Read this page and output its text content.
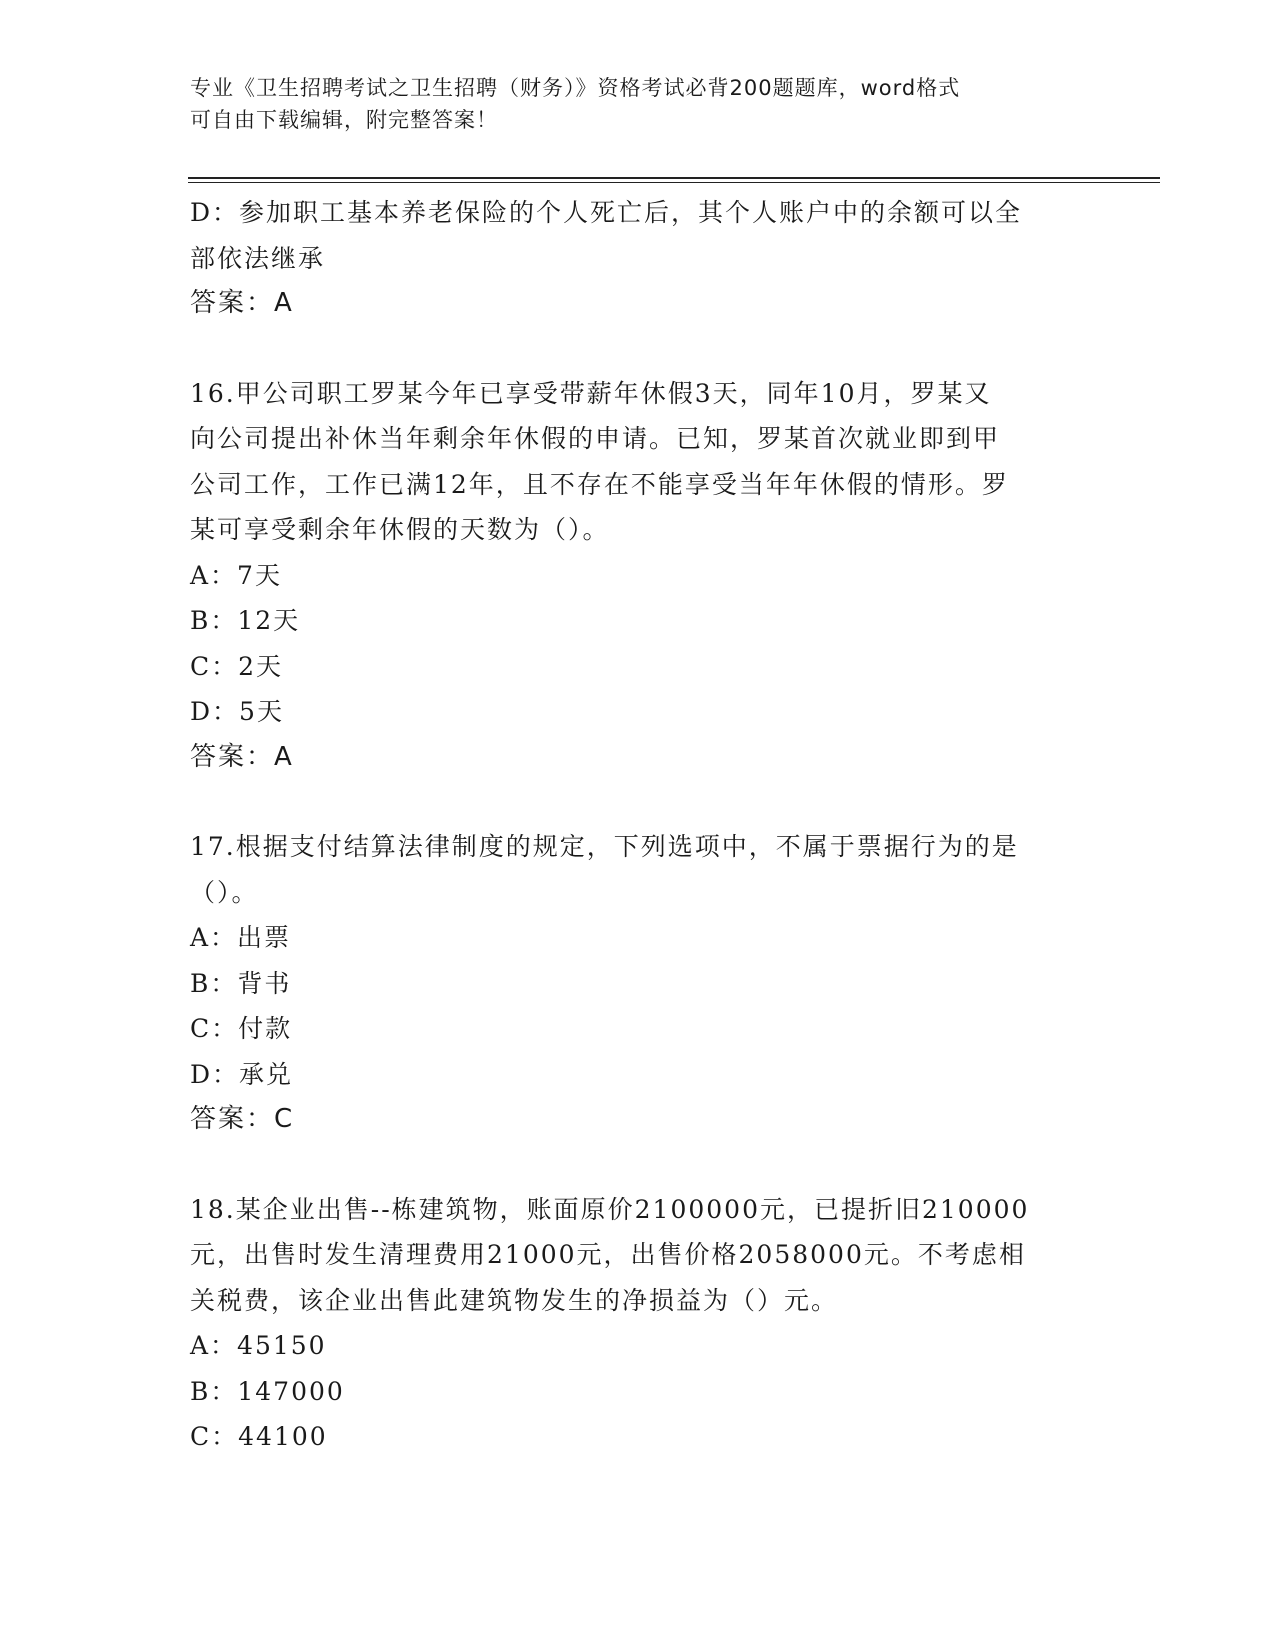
专业《卫生招聘考试之卫生招聘（财务）》资格考试必背200题题库，word格式
可自由下载编辑，附完整答案！
D：参加职工基本养老保险的个人死亡后，其个人账户中的余额可以全
部依法继承
答案：A
16.甲公司职工罗某今年已享受带薪年休假3天，同年10月，罗某又
向公司提出补休当年剩余年休假的申请。已知，罗某首次就业即到甲
公司工作，工作已满12年，且不存在不能享受当年年休假的情形。罗
某可享受剩余年休假的天数为（）。
A：7天
B：12天
C：2天
D：5天
答案：A
17.根据支付结算法律制度的规定，下列选项中，不属于票据行为的是
（）。
A：出票
B：背书
C：付款
D：承兑
答案：C
18.某企业出售--栋建筑物，账面原价2100000元，已提折旧210000
元，出售时发生清理费用21000元，出售价格2058000元。不考虑相
关税费，该企业出售此建筑物发生的净损益为（）元。
A：45150
B：147000
C：44100
